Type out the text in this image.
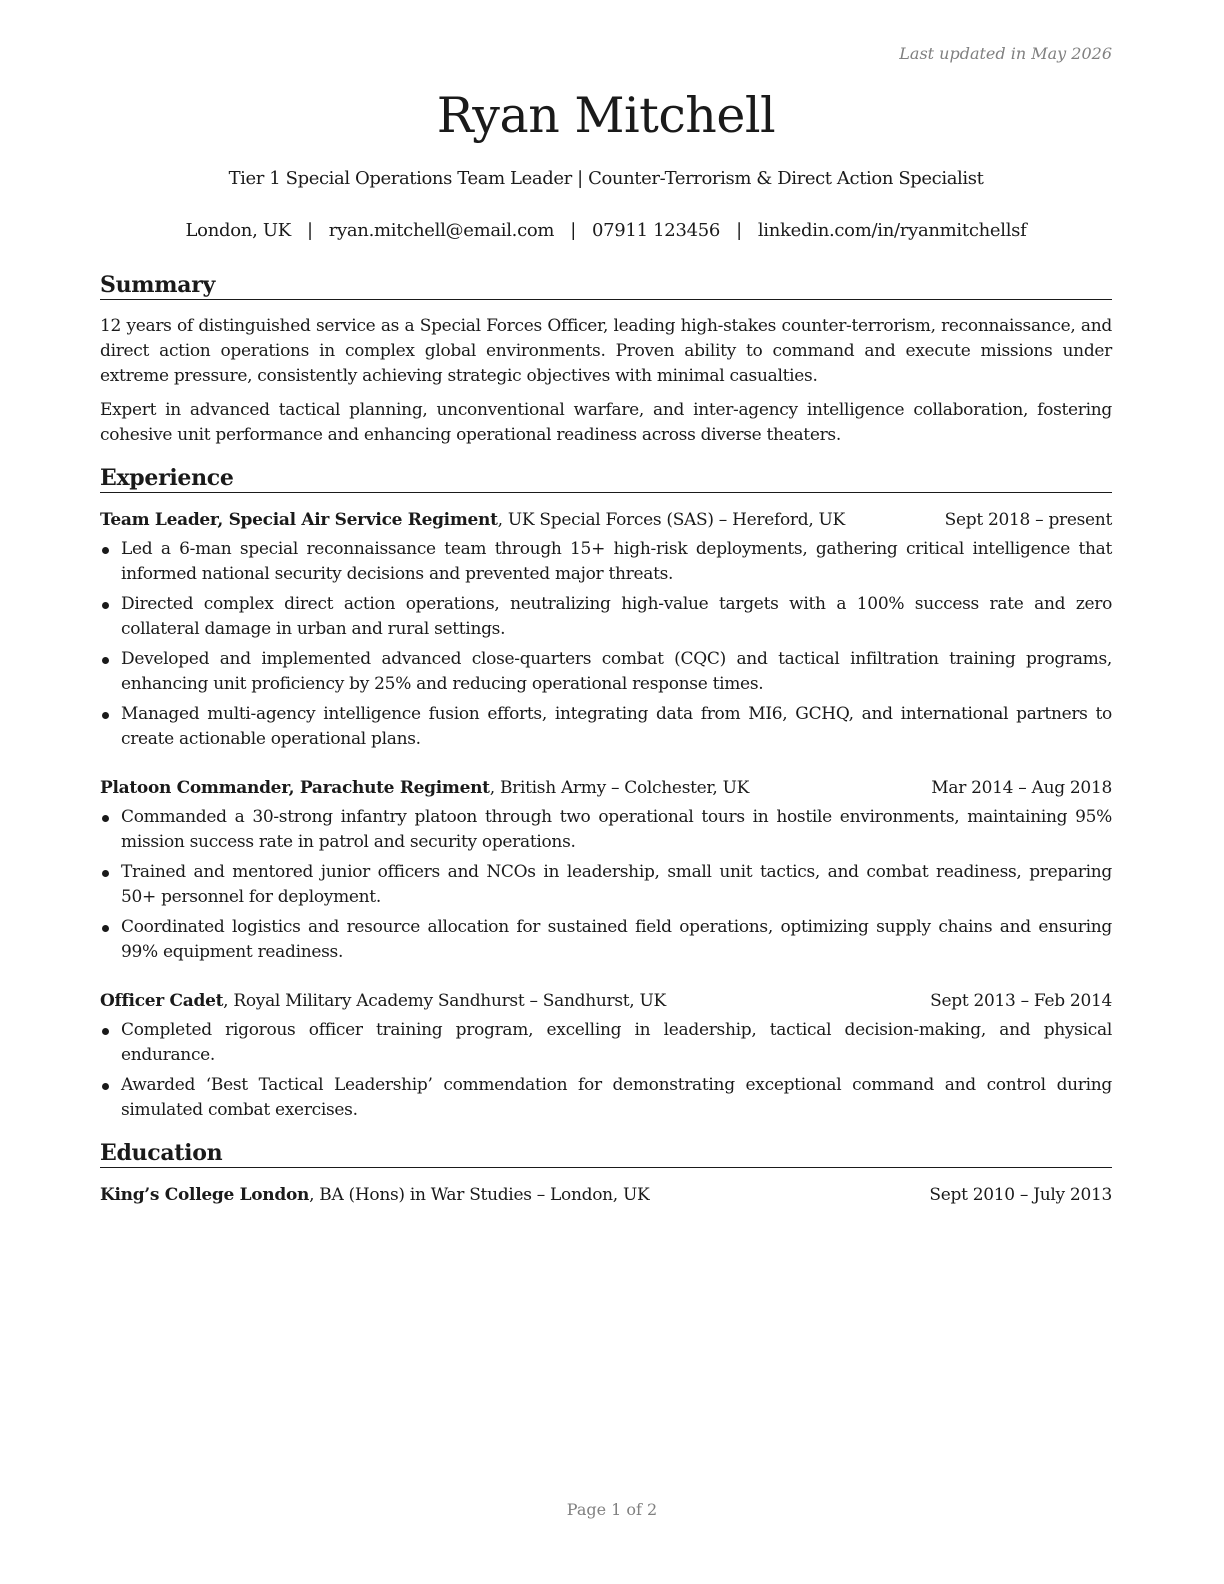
Last updated in May 2026
Ryan Mitchell
Tier 1 Special Operations Team Leader | Counter-Terrorism & Direct Action Specialist
London, UK | ryan.mitchell@email.com | 07911 123456 | linkedin.com/in/ryanmitchellsf
Summary
12 years of distinguished service as a Special Forces Officer, leading high-stakes counter-terrorism, reconnaissance, and direct action operations in complex global environments. Proven ability to command and execute missions under extreme pressure, consistently achieving strategic objectives with minimal casualties.
Expert in advanced tactical planning, unconventional warfare, and inter-agency intelligence collaboration, fostering cohesive unit performance and enhancing operational readiness across diverse theaters.
Experience
Team Leader, Special Air Service Regiment, UK Special Forces (SAS) – Hereford, UK	Sept 2018 – present
Led a 6-man special reconnaissance team through 15+ high-risk deployments, gathering critical intelligence that informed national security decisions and prevented major threats.
Directed complex direct action operations, neutralizing high-value targets with a 100% success rate and zero collateral damage in urban and rural settings.
Developed and implemented advanced close-quarters combat (CQC) and tactical infiltration training programs, enhancing unit proficiency by 25% and reducing operational response times.
Managed multi-agency intelligence fusion efforts, integrating data from MI6, GCHQ, and international partners to create actionable operational plans.
Platoon Commander, Parachute Regiment, British Army – Colchester, UK	Mar 2014 – Aug 2018
Commanded a 30-strong infantry platoon through two operational tours in hostile environments, maintaining 95% mission success rate in patrol and security operations.
Trained and mentored junior officers and NCOs in leadership, small unit tactics, and combat readiness, preparing 50+ personnel for deployment.
Coordinated logistics and resource allocation for sustained field operations, optimizing supply chains and ensuring 99% equipment readiness.
Officer Cadet, Royal Military Academy Sandhurst – Sandhurst, UK	Sept 2013 – Feb 2014
Completed rigorous officer training program, excelling in leadership, tactical decision-making, and physical endurance.
Awarded ‘Best Tactical Leadership’ commendation for demonstrating exceptional command and control during simulated combat exercises.
Education
King’s College London, BA (Hons) in War Studies – London, UK	Sept 2010 – July 2013
Page 1 of 2
